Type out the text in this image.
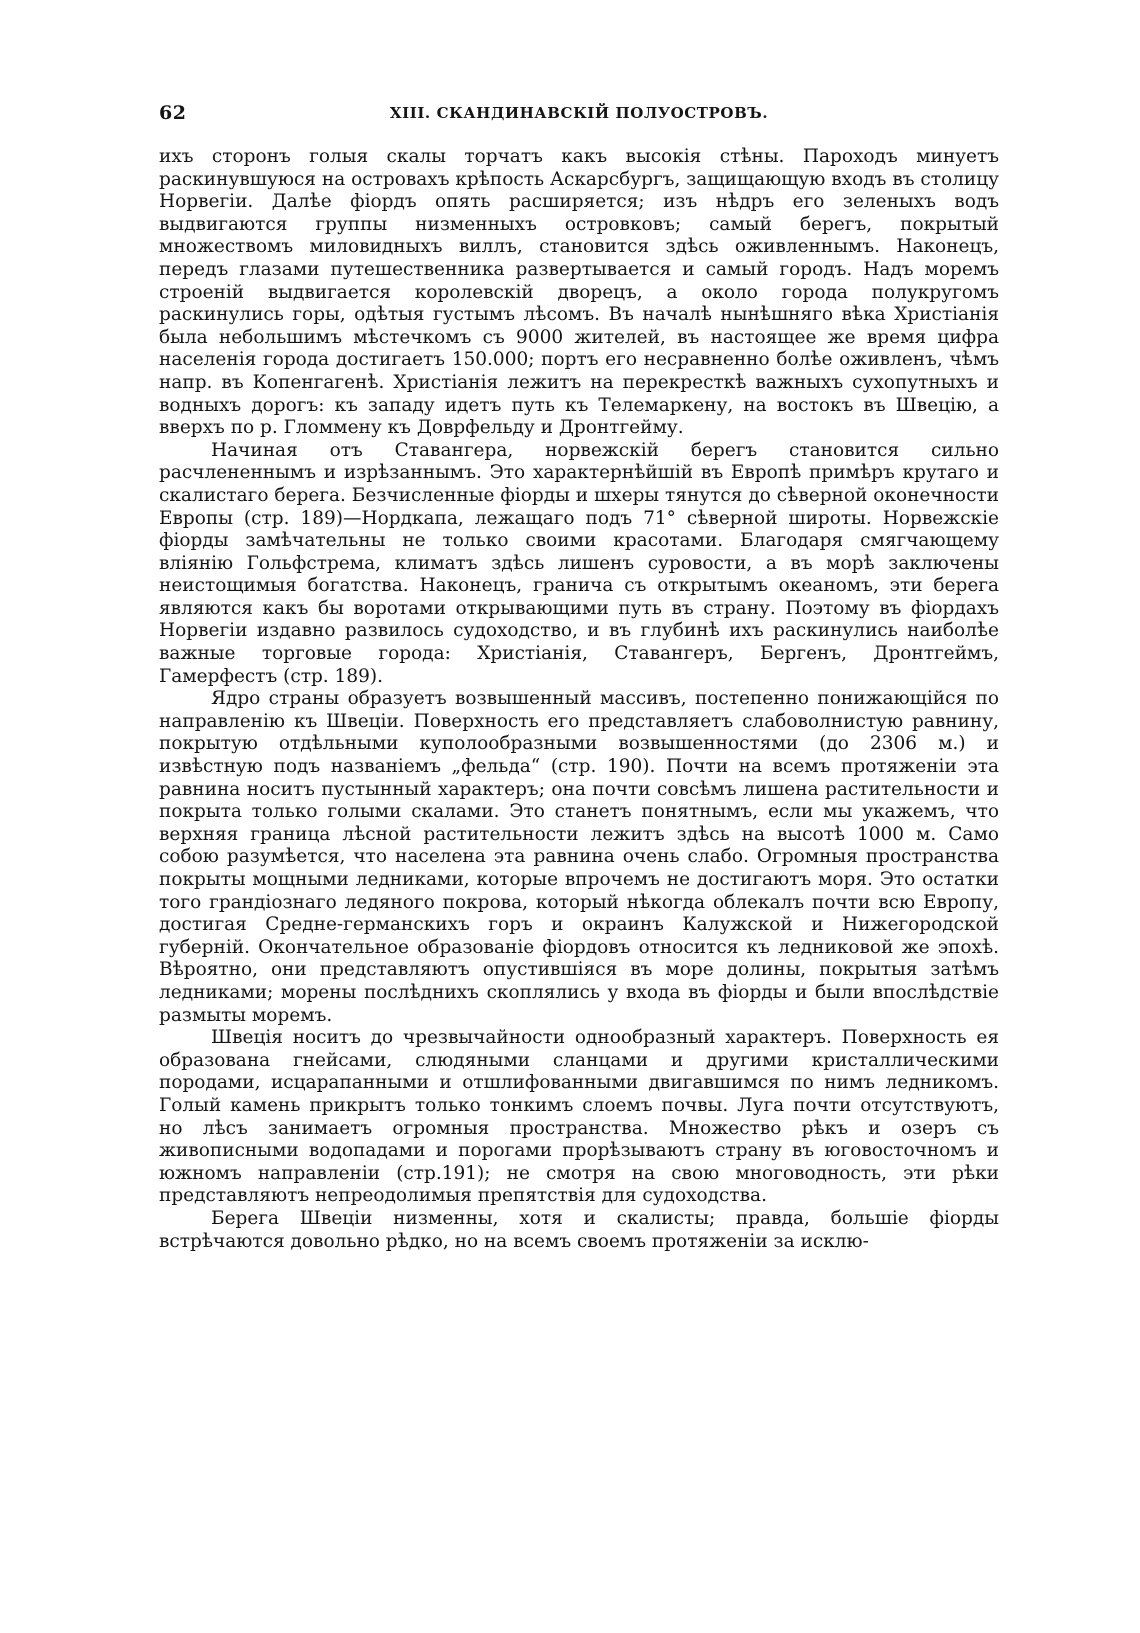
62	XIII. СКАНДИНАВСКІЙ ПОЛУОСТРОВЪ.

ихъ сторонъ голыя скалы торчатъ какъ высокія стѣны. Пароходъ минуетъ раскинувшуюся на островахъ крѣпость Аскарсбургъ, защищающую входъ въ столицу Норвегіи. Далѣе фіордъ опять расширяется; изъ нѣдръ его зеленыхъ водъ выдвигаются группы низменныхъ островковъ; самый берегъ, покрытый множествомъ миловидныхъ виллъ, становится здѣсь оживленнымъ. Наконецъ, передъ глазами путешественника развертывается и самый городъ. Надъ моремъ строеній выдвигается королевскій дворецъ, а около города полукругомъ раскинулись горы, одѣтыя густымъ лѣсомъ. Въ началѣ нынѣшняго вѣка Христіанія была небольшимъ мѣстечкомъ съ 9000 жителей, въ настоящее же время цифра населенія города достигаетъ 150.000; портъ его несравненно болѣе оживленъ, чѣмъ напр. въ Копенгагенѣ. Христіанія лежитъ на перекресткѣ важныхъ сухопутныхъ и водныхъ дорогъ: къ западу идетъ путь къ Телемаркену, на востокъ въ Швецію, а вверхъ по р. Гломмену къ Доврфельду и Дронтгейму.

Начиная отъ Ставангера, норвежскій берегъ становится сильно расчлененнымъ и изрѣзаннымъ. Это характернѣйшій въ Европѣ примѣръ крутаго и скалистаго берега. Безчисленные фіорды и шхеры тянутся до сѣверной оконечности Европы (стр. 189)—Нордкапа, лежащаго подъ 71° сѣверной широты. Норвежскіе фіорды замѣчательны не только своими красотами. Благодаря смягчающему вліянію Гольфстрема, климатъ здѣсь лишенъ суровости, а въ морѣ заключены неистощимыя богатства. Наконецъ, граничa съ открытымъ океаномъ, эти берега являются какъ бы воротами открывающими путь въ страну. Поэтому въ фіордахъ Норвегіи издавно развилось судоходство, и въ глубинѣ ихъ раскинулись наиболѣе важные торговые города: Христіанія, Ставангеръ, Бергенъ, Дронтгеймъ, Гамерфестъ (стр. 189).

Ядро страны образуетъ возвышенный массивъ, постепенно понижающійся по направленію къ Швеціи. Поверхность его представляетъ слабоволнистую равнину, покрытую отдѣльными куполообразными возвышенностями (до 2306 м.) и извѣстную подъ названіемъ „фельда“ (стр. 190). Почти на всемъ протяженіи эта равнина носитъ пустынный характеръ; она почти совсѣмъ лишена растительности и покрыта только голыми скалами. Это станетъ понятнымъ, если мы укажемъ, что верхняя граница лѣсной растительности лежитъ здѣсь на высотѣ 1000 м. Само собою разумѣется, что населена эта равнина очень слабо. Огромныя пространства покрыты мощными ледниками, которые впрочемъ не достигаютъ моря. Это остатки того грандіознаго ледяного покрова, который нѣкогда облекалъ почти всю Европу, достигая Средне-германскихъ горъ и окраинъ Калужской и Нижегородской губерній. Окончательное образованіе фіордовъ относится къ ледниковой же эпохѣ. Вѣроятно, они представляютъ опустившіяся въ море долины, покрытыя затѣмъ ледниками; морены послѣднихъ скоплялись у входа въ фіорды и были впослѣдствіе размыты моремъ.

Швеція носитъ до чрезвычайности однообразный характеръ. Поверхность ея образована гнейсами, слюдяными сланцами и другими кристаллическими породами, исцарапанными и отшлифованными двигавшимся по нимъ ледникомъ. Голый камень прикрытъ только тонкимъ слоемъ почвы. Луга почти отсутствуютъ, но лѣсъ занимаетъ огромныя пространства. Множество рѣкъ и озеръ съ живописными водопадами и порогами прорѣзываютъ страну въ юговосточномъ и южномъ направленіи (стр.191); не смотря на свою многоводность, эти рѣки представляютъ непреодолимыя препятствія для судоходства.

Берега Швеціи низменны, хотя и скалисты; правда, большіе фіорды встрѣчаются довольно рѣдко, но на всемъ своемъ протяженіи за исклю-
